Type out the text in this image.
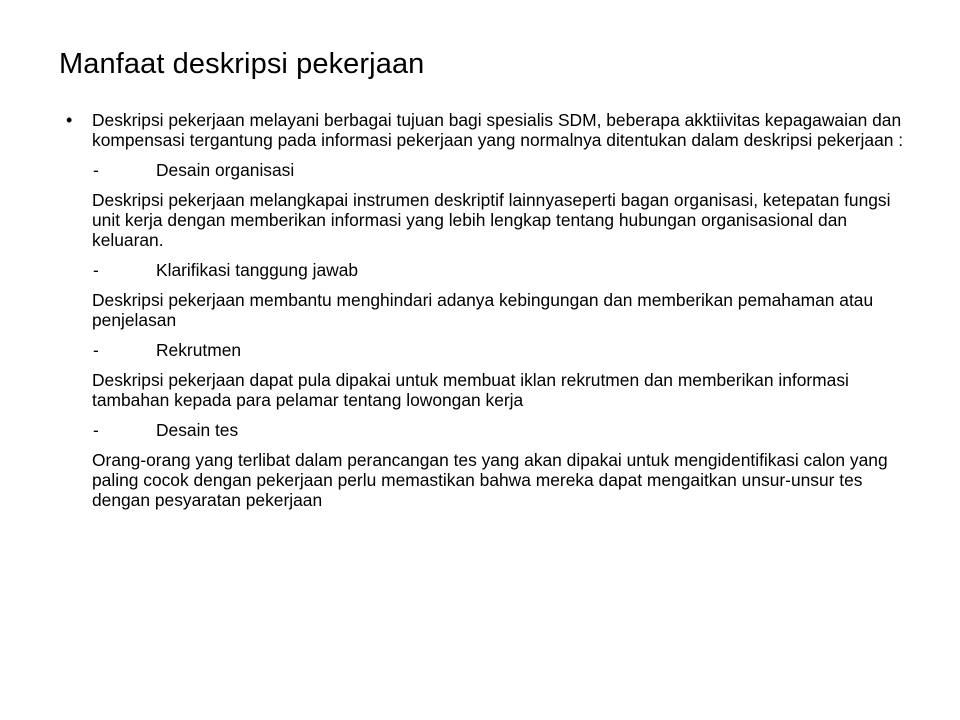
Manfaat deskripsi pekerjaan
• Deskripsi pekerjaan melayani berbagai tujuan bagi spesialis SDM, beberapa akktiivitas kepagawaian dan kompensasi tergantung pada informasi pekerjaan yang normalnya ditentukan dalam deskripsi pekerjaan :

-	Desain organisasi

Deskripsi pekerjaan melangkapai instrumen deskriptif lainnyaseperti bagan organisasi, ketepatan fungsi unit kerja dengan memberikan informasi yang lebih lengkap tentang hubungan organisasional dan keluaran.

-	Klarifikasi tanggung jawab

Deskripsi pekerjaan membantu menghindari adanya kebingungan dan memberikan pemahaman atau penjelasan

-	Rekrutmen

Deskripsi pekerjaan dapat pula dipakai untuk membuat iklan rekrutmen dan memberikan informasi tambahan kepada para pelamar tentang lowongan kerja

-	Desain tes

Orang-orang yang terlibat dalam perancangan tes yang akan dipakai untuk mengidentifikasi calon yang paling cocok dengan pekerjaan perlu memastikan bahwa mereka dapat mengaitkan unsur-unsur tes dengan pesyaratan pekerjaan
